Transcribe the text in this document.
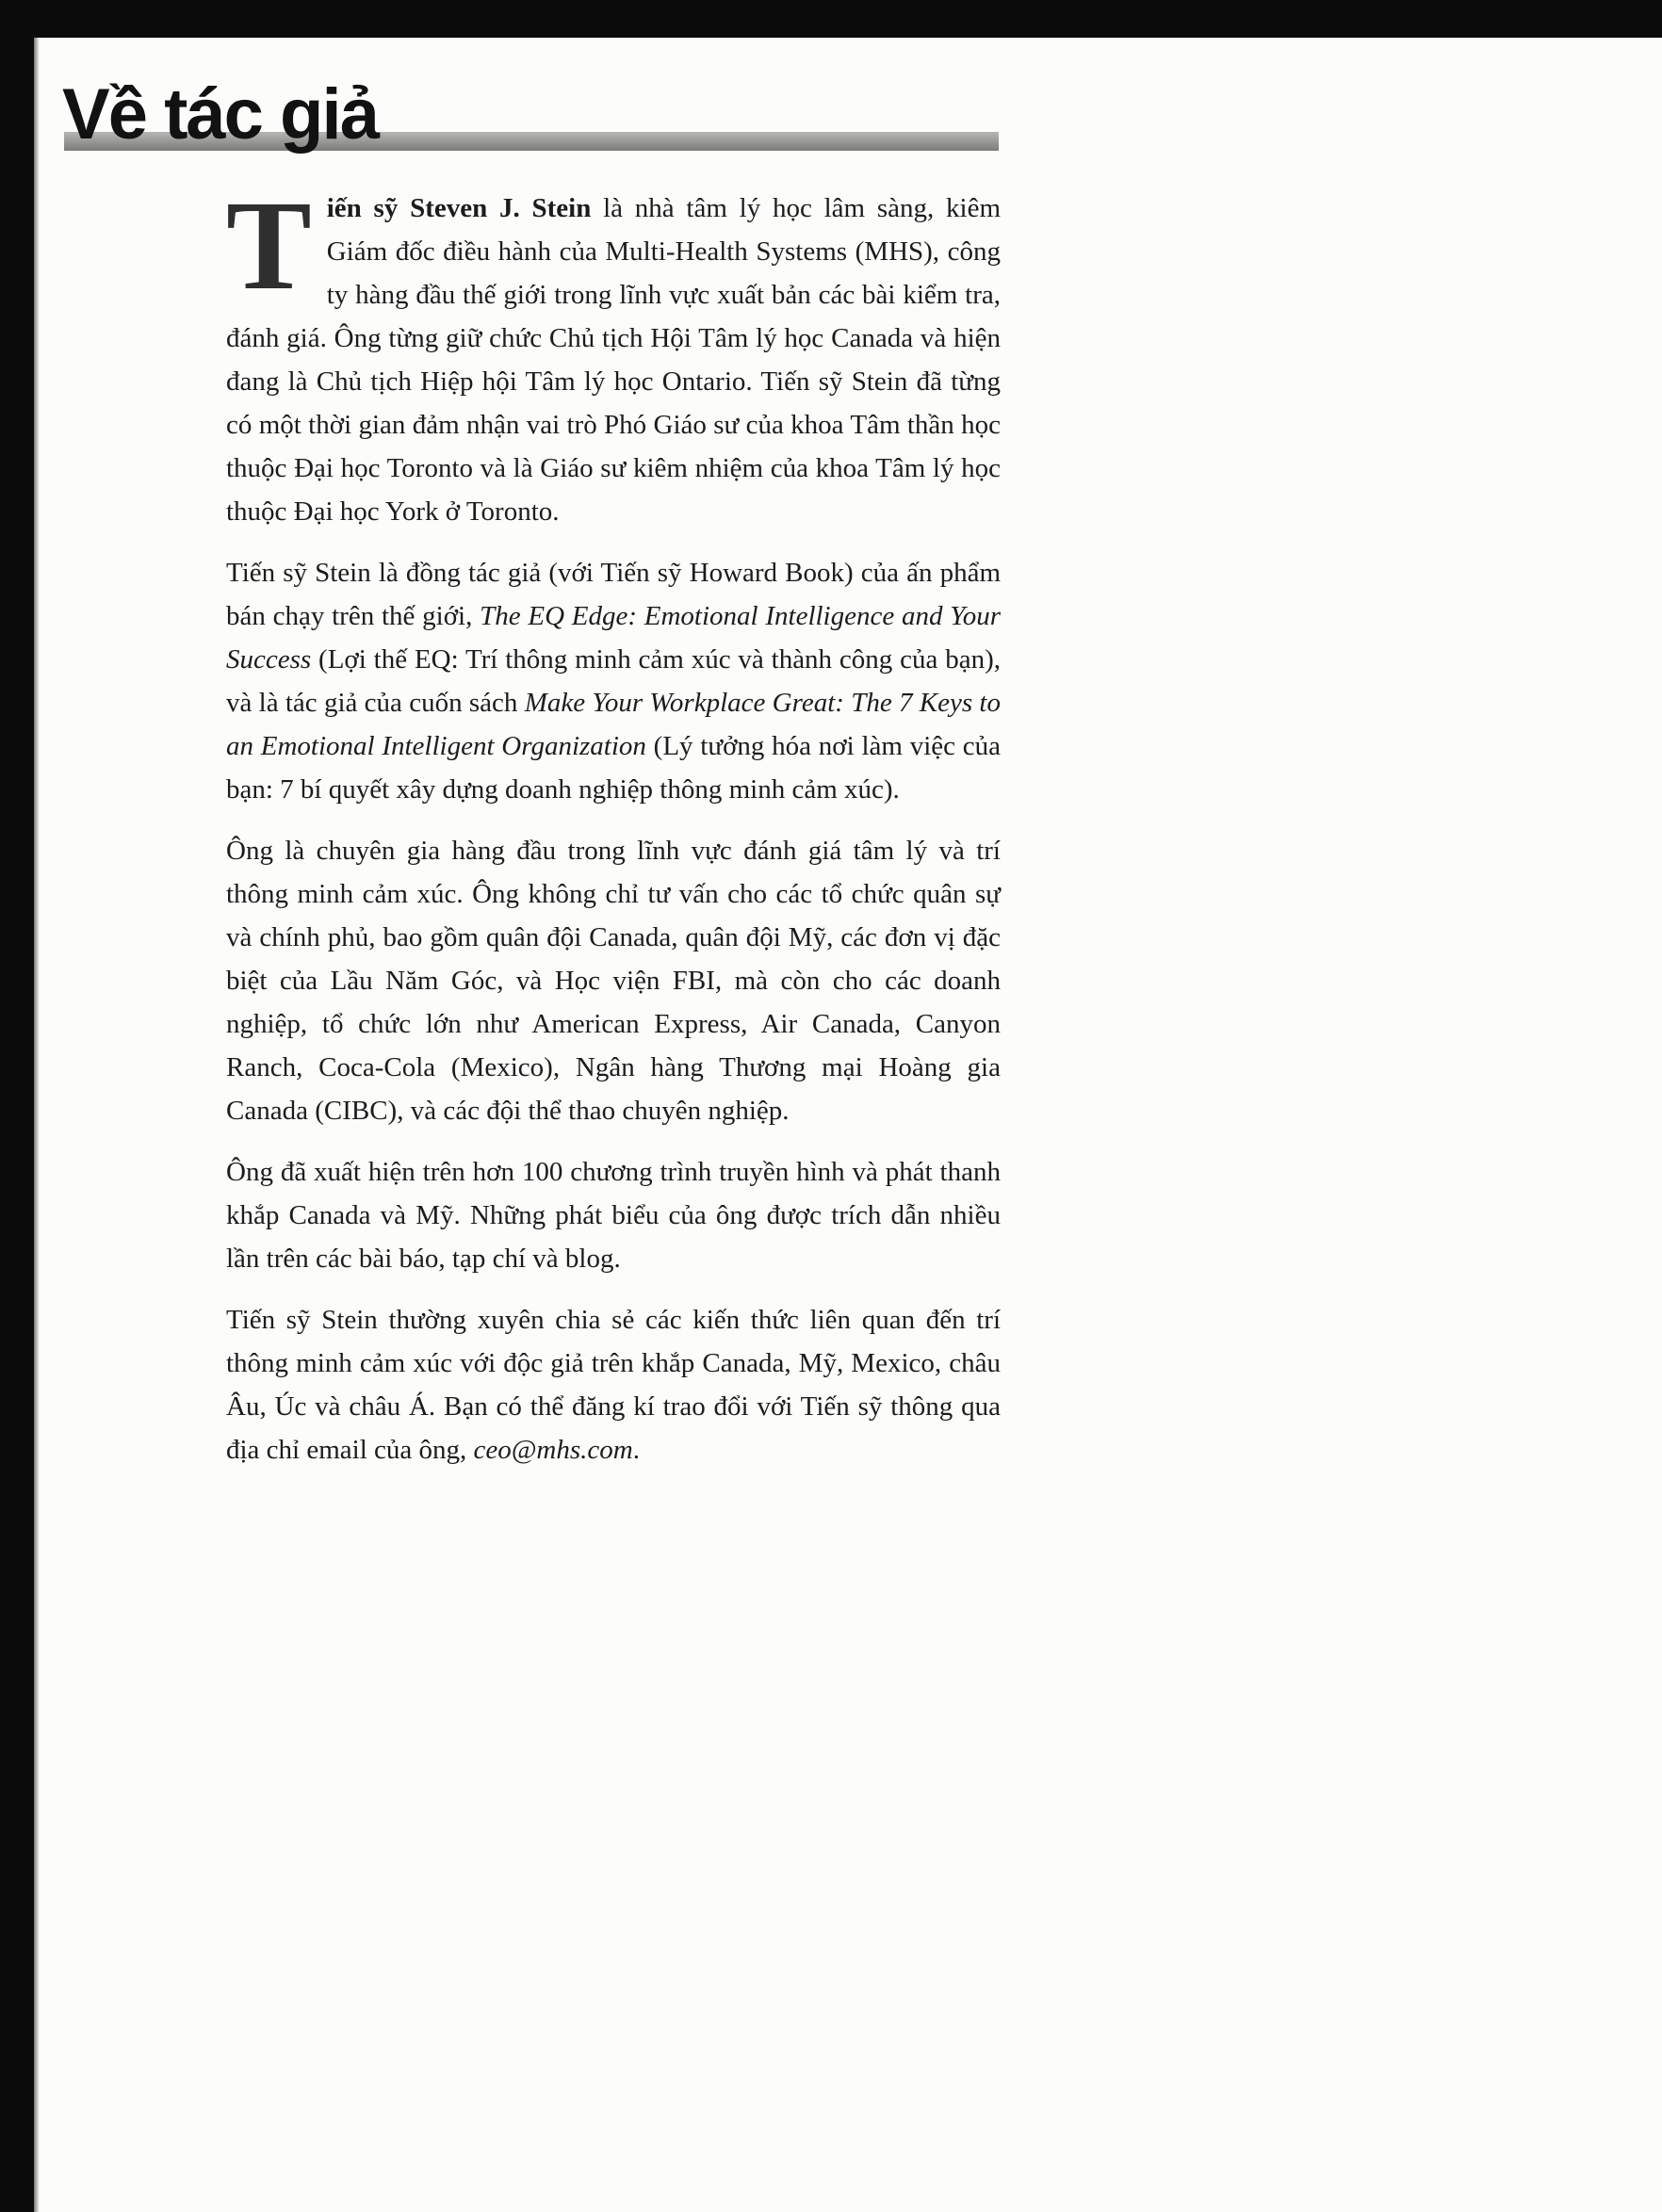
Về tác giả

Tiến sỹ Steven J. Stein là nhà tâm lý học lâm sàng, kiêm Giám đốc điều hành của Multi-Health Systems (MHS), công ty hàng đầu thế giới trong lĩnh vực xuất bản các bài kiểm tra, đánh giá. Ông từng giữ chức Chủ tịch Hội Tâm lý học Canada và hiện đang là Chủ tịch Hiệp hội Tâm lý học Ontario. Tiến sỹ Stein đã từng có một thời gian đảm nhận vai trò Phó Giáo sư của khoa Tâm thần học thuộc Đại học Toronto và là Giáo sư kiêm nhiệm của khoa Tâm lý học thuộc Đại học York ở Toronto.

Tiến sỹ Stein là đồng tác giả (với Tiến sỹ Howard Book) của ấn phẩm bán chạy trên thế giới, The EQ Edge: Emotional Intelligence and Your Success (Lợi thế EQ: Trí thông minh cảm xúc và thành công của bạn), và là tác giả của cuốn sách Make Your Workplace Great: The 7 Keys to an Emotional Intelligent Organization (Lý tưởng hóa nơi làm việc của bạn: 7 bí quyết xây dựng doanh nghiệp thông minh cảm xúc).

Ông là chuyên gia hàng đầu trong lĩnh vực đánh giá tâm lý và trí thông minh cảm xúc. Ông không chỉ tư vấn cho các tổ chức quân sự và chính phủ, bao gồm quân đội Canada, quân đội Mỹ, các đơn vị đặc biệt của Lầu Năm Góc, và Học viện FBI, mà còn cho các doanh nghiệp, tổ chức lớn như American Express, Air Canada, Canyon Ranch, Coca-Cola (Mexico), Ngân hàng Thương mại Hoàng gia Canada (CIBC), và các đội thể thao chuyên nghiệp.

Ông đã xuất hiện trên hơn 100 chương trình truyền hình và phát thanh khắp Canada và Mỹ. Những phát biểu của ông được trích dẫn nhiều lần trên các bài báo, tạp chí và blog.

Tiến sỹ Stein thường xuyên chia sẻ các kiến thức liên quan đến trí thông minh cảm xúc với độc giả trên khắp Canada, Mỹ, Mexico, châu Âu, Úc và châu Á. Bạn có thể đăng kí trao đổi với Tiến sỹ thông qua địa chỉ email của ông, ceo@mhs.com.
